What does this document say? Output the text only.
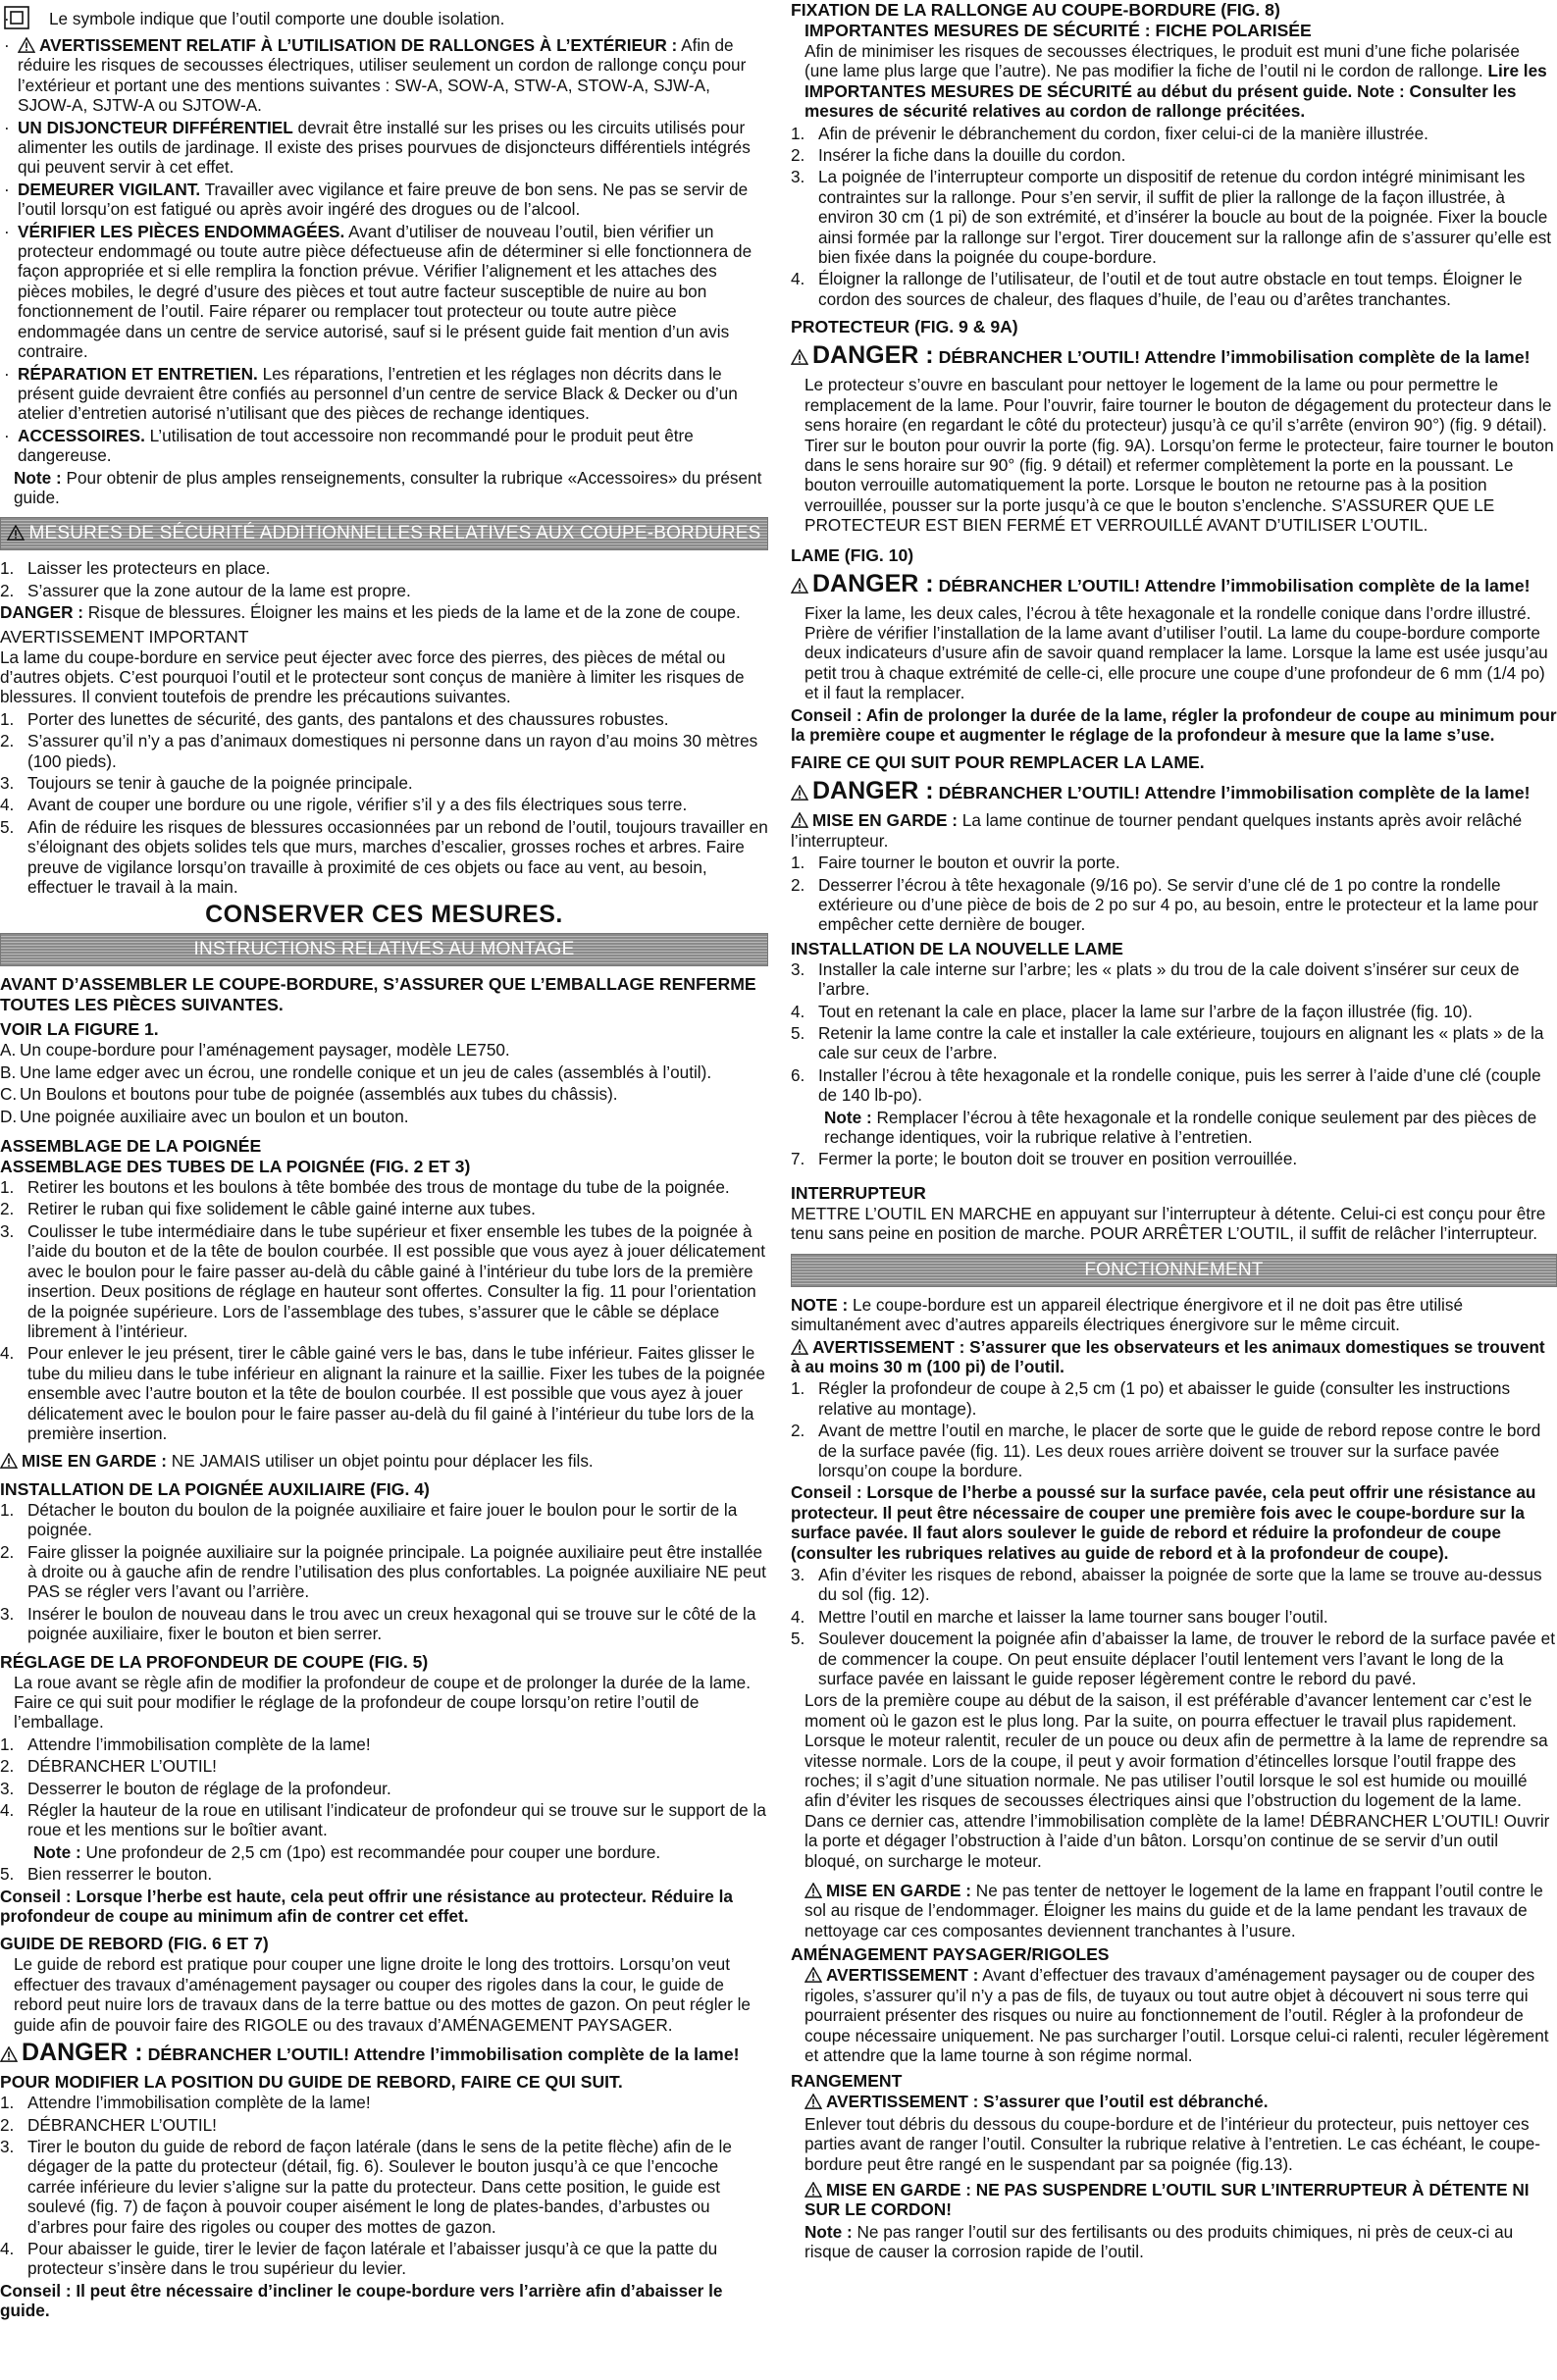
· Le symbole indique que l’outil comporte une double isolation.
· AVERTISSEMENT RELATIF À L’UTILISATION DE RALLONGES À L’EXTÉRIEUR : Afin de réduire les risques de secousses électriques, utiliser seulement un cordon de rallonge conçu pour l’extérieur et portant une des mentions suivantes : SW-A, SOW-A, STW-A, STOW-A, SJW-A, SJOW-A, SJTW-A ou SJTOW-A.
· UN DISJONCTEUR DIFFÉRENTIEL devrait être installé sur les prises ou les circuits utilisés pour alimenter les outils de jardinage. Il existe des prises pourvues de disjoncteurs différentiels intégrés qui peuvent servir à cet effet.
· DEMEURER VIGILANT. Travailler avec vigilance et faire preuve de bon sens. Ne pas se servir de l’outil lorsqu’on est fatigué ou après avoir ingéré des drogues ou de l’alcool.
· VÉRIFIER LES PIÈCES ENDOMMAGÉES. Avant d’utiliser de nouveau l’outil, bien vérifier un protecteur endommagé ou toute autre pièce défectueuse afin de déterminer si elle fonctionnera de façon appropriée et si elle remplira la fonction prévue. Vérifier l’alignement et les attaches des pièces mobiles, le degré d’usure des pièces et tout autre facteur susceptible de nuire au bon fonctionnement de l’outil. Faire réparer ou remplacer tout protecteur ou toute autre pièce endommagée dans un centre de service autorisé, sauf si le présent guide fait mention d’un avis contraire.
· RÉPARATION ET ENTRETIEN. Les réparations, l’entretien et les réglages non décrits dans le présent guide devraient être confiés au personnel d’un centre de service Black & Decker ou d’un atelier d’entretien autorisé n’utilisant que des pièces de rechange identiques.
· ACCESSOIRES. L’utilisation de tout accessoire non recommandé pour le produit peut être dangereuse.
Note : Pour obtenir de plus amples renseignements, consulter la rubrique «Accessoires» du présent guide.
MESURES DE SÉCURITÉ ADDITIONNELLES RELATIVES AUX COUPE-BORDURES
1. Laisser les protecteurs en place.
2. S’assurer que la zone autour de la lame est propre.
DANGER : Risque de blessures. Éloigner les mains et les pieds de la lame et de la zone de coupe.
AVERTISSEMENT IMPORTANT
La lame du coupe-bordure en service peut éjecter avec force des pierres, des pièces de métal ou d’autres objets. C’est pourquoi l’outil et le protecteur sont conçus de manière à limiter les risques de blessures. Il convient toutefois de prendre les précautions suivantes.
1. Porter des lunettes de sécurité, des gants, des pantalons et des chaussures robustes.
2. S’assurer qu’il n’y a pas d’animaux domestiques ni personne dans un rayon d’au moins 30 mètres (100 pieds).
3. Toujours se tenir à gauche de la poignée principale.
4. Avant de couper une bordure ou une rigole, vérifier s’il y a des fils électriques sous terre.
5. Afin de réduire les risques de blessures occasionnées par un rebond de l’outil, toujours travailler en s’éloignant des objets solides tels que murs, marches d’escalier, grosses roches et arbres. Faire preuve de vigilance lorsqu’on travaille à proximité de ces objets ou face au vent, au besoin, effectuer le travail à la main.
CONSERVER CES MESURES.
INSTRUCTIONS RELATIVES AU MONTAGE
AVANT D’ASSEMBLER LE COUPE-BORDURE, S’ASSURER QUE L’EMBALLAGE RENFERME TOUTES LES PIÈCES SUIVANTES.
VOIR LA FIGURE 1.
A. Un coupe-bordure pour l’aménagement paysager, modèle LE750.
B. Une lame edger avec un écrou, une rondelle conique et un jeu de cales (assemblés à l’outil).
C. Un Boulons et boutons pour tube de poignée (assemblés aux tubes du châssis).
D. Une poignée auxiliaire avec un boulon et un bouton.
ASSEMBLAGE DE LA POIGNÉE
ASSEMBLAGE DES TUBES DE LA POIGNÉE (FIG. 2 ET 3)
1. Retirer les boutons et les boulons à tête bombée des trous de montage du tube de la poignée.
2. Retirer le ruban qui fixe solidement le câble gainé interne aux tubes.
3. Coulisser le tube intermédiaire dans le tube supérieur et fixer ensemble les tubes de la poignée à l’aide du bouton et de la tête de boulon courbée. Il est possible que vous ayez à jouer délicatement avec le boulon pour le faire passer au-delà du câble gainé à l’intérieur du tube lors de la première insertion. Deux positions de réglage en hauteur sont offertes. Consulter la fig. 11 pour l’orientation de la poignée supérieure. Lors de l’assemblage des tubes, s’assurer que le câble se déplace librement à l’intérieur.
4. Pour enlever le jeu présent, tirer le câble gainé vers le bas, dans le tube inférieur. Faites glisser le tube du milieu dans le tube inférieur en alignant la rainure et la saillie. Fixer les tubes de la poignée ensemble avec l’autre bouton et la tête de boulon courbée. Il est possible que vous ayez à jouer délicatement avec le boulon pour le faire passer au-delà du fil gainé à l’intérieur du tube lors de la première insertion.
MISE EN GARDE : NE JAMAIS utiliser un objet pointu pour déplacer les fils.
INSTALLATION DE LA POIGNÉE AUXILIAIRE (FIG. 4)
1. Détacher le bouton du boulon de la poignée auxiliaire et faire jouer le boulon pour le sortir de la poignée.
2. Faire glisser la poignée auxiliaire sur la poignée principale. La poignée auxiliaire peut être installée à droite ou à gauche afin de rendre l’utilisation des plus confortables. La poignée auxiliaire NE peut PAS se régler vers l’avant ou l’arrière.
3. Insérer le boulon de nouveau dans le trou avec un creux hexagonal qui se trouve sur le côté de la poignée auxiliaire, fixer le bouton et bien serrer.
RÉGLAGE DE LA PROFONDEUR DE COUPE (FIG. 5)
La roue avant se règle afin de modifier la profondeur de coupe et de prolonger la durée de la lame. Faire ce qui suit pour modifier le réglage de la profondeur de coupe lorsqu’on retire l’outil de l’emballage.
1. Attendre l’immobilisation complète de la lame!
2. DÉBRANCHER L’OUTIL!
3. Desserrer le bouton de réglage de la profondeur.
4. Régler la hauteur de la roue en utilisant l’indicateur de profondeur qui se trouve sur le support de la roue et les mentions sur le boîtier avant.
Note : Une profondeur de 2,5 cm (1po) est recommandée pour couper une bordure.
5. Bien resserrer le bouton.
Conseil : Lorsque l’herbe est haute, cela peut offrir une résistance au protecteur. Réduire la profondeur de coupe au minimum afin de contrer cet effet.
GUIDE DE REBORD (FIG. 6 ET 7)
Le guide de rebord est pratique pour couper une ligne droite le long des trottoirs. Lorsqu’on veut effectuer des travaux d’aménagement paysager ou couper des rigoles dans la cour, le guide de rebord peut nuire lors de travaux dans de la terre battue ou des mottes de gazon. On peut régler le guide afin de pouvoir faire des RIGOLE ou des travaux d’AMÉNAGEMENT PAYSAGER.
DANGER : DÉBRANCHER L’OUTIL! Attendre l’immobilisation complète de la lame!
POUR MODIFIER LA POSITION DU GUIDE DE REBORD, FAIRE CE QUI SUIT.
1. Attendre l’immobilisation complète de la lame!
2. DÉBRANCHER L’OUTIL!
3. Tirer le bouton du guide de rebord de façon latérale (dans le sens de la petite flèche) afin de le dégager de la patte du protecteur (détail, fig. 6). Soulever le bouton jusqu’à ce que l’encoche carrée inférieure du levier s’aligne sur la patte du protecteur. Dans cette position, le guide est soulevé (fig. 7) de façon à pouvoir couper aisément le long de plates-bandes, d’arbustes ou d’arbres pour faire des rigoles ou couper des mottes de gazon.
4. Pour abaisser le guide, tirer le levier de façon latérale et l’abaisser jusqu’à ce que la patte du protecteur s’insère dans le trou supérieur du levier.
Conseil : Il peut être nécessaire d’incliner le coupe-bordure vers l’arrière afin d’abaisser le guide.
FIXATION DE LA RALLONGE AU COUPE-BORDURE (FIG. 8)
IMPORTANTES MESURES DE SÉCURITÉ : FICHE POLARISÉE
Afin de minimiser les risques de secousses électriques, le produit est muni d’une fiche polarisée (une lame plus large que l’autre). Ne pas modifier la fiche de l’outil ni le cordon de rallonge. Lire les IMPORTANTES MESURES DE SÉCURITÉ au début du présent guide. Note : Consulter les mesures de sécurité relatives au cordon de rallonge précitées.
1. Afin de prévenir le débranchement du cordon, fixer celui-ci de la manière illustrée.
2. Insérer la fiche dans la douille du cordon.
3. La poignée de l’interrupteur comporte un dispositif de retenue du cordon intégré minimisant les contraintes sur la rallonge. Pour s’en servir, il suffit de plier la rallonge de la façon illustrée, à environ 30 cm (1 pi) de son extrémité, et d’insérer la boucle au bout de la poignée. Fixer la boucle ainsi formée par la rallonge sur l’ergot. Tirer doucement sur la rallonge afin de s’assurer qu’elle est bien fixée dans la poignée du coupe-bordure.
4. Éloigner la rallonge de l’utilisateur, de l’outil et de tout autre obstacle en tout temps. Éloigner le cordon des sources de chaleur, des flaques d’huile, de l’eau ou d’arêtes tranchantes.
PROTECTEUR (FIG. 9 & 9A)
DANGER : DÉBRANCHER L’OUTIL! Attendre l’immobilisation complète de la lame!
Le protecteur s’ouvre en basculant pour nettoyer le logement de la lame ou pour permettre le remplacement de la lame. Pour l’ouvrir, faire tourner le bouton de dégagement du protecteur dans le sens horaire (en regardant le côté du protecteur) jusqu’à ce qu’il s’arrête (environ 90°) (fig. 9 détail). Tirer sur le bouton pour ouvrir la porte (fig. 9A). Lorsqu’on ferme le protecteur, faire tourner le bouton dans le sens horaire sur 90° (fig. 9 détail) et refermer complètement la porte en la poussant. Le bouton verrouille automatiquement la porte. Lorsque le bouton ne retourne pas à la position verrouillée, pousser sur la porte jusqu’à ce que le bouton s’enclenche. S’ASSURER QUE LE PROTECTEUR EST BIEN FERMÉ ET VERROUILLÉ AVANT D’UTILISER L’OUTIL.
LAME (FIG. 10)
DANGER : DÉBRANCHER L’OUTIL! Attendre l’immobilisation complète de la lame!
Fixer la lame, les deux cales, l’écrou à tête hexagonale et la rondelle conique dans l’ordre illustré. Prière de vérifier l’installation de la lame avant d’utiliser l’outil. La lame du coupe-bordure comporte deux indicateurs d’usure afin de savoir quand remplacer la lame. Lorsque la lame est usée jusqu’au petit trou à chaque extrémité de celle-ci, elle procure une coupe d’une profondeur de 6 mm (1/4 po) et il faut la remplacer.
Conseil : Afin de prolonger la durée de la lame, régler la profondeur de coupe au minimum pour la première coupe et augmenter le réglage de la profondeur à mesure que la lame s’use.
FAIRE CE QUI SUIT POUR REMPLACER LA LAME.
DANGER : DÉBRANCHER L’OUTIL! Attendre l’immobilisation complète de la lame!
MISE EN GARDE : La lame continue de tourner pendant quelques instants après avoir relâché l’interrupteur.
1. Faire tourner le bouton et ouvrir la porte.
2. Desserrer l’écrou à tête hexagonale (9/16 po). Se servir d’une clé de 1 po contre la rondelle extérieure ou d’une pièce de bois de 2 po sur 4 po, au besoin, entre le protecteur et la lame pour empêcher cette dernière de bouger.
INSTALLATION DE LA NOUVELLE LAME
3. Installer la cale interne sur l’arbre; les « plats » du trou de la cale doivent s’insérer sur ceux de l’arbre.
4. Tout en retenant la cale en place, placer la lame sur l’arbre de la façon illustrée (fig. 10).
5. Retenir la lame contre la cale et installer la cale extérieure, toujours en alignant les « plats » de la cale sur ceux de l’arbre.
6. Installer l’écrou à tête hexagonale et la rondelle conique, puis les serrer à l’aide d’une clé (couple de 140 lb-po).
Note : Remplacer l’écrou à tête hexagonale et la rondelle conique seulement par des pièces de rechange identiques, voir la rubrique relative à l’entretien.
7. Fermer la porte; le bouton doit se trouver en position verrouillée.
INTERRUPTEUR
METTRE L’OUTIL EN MARCHE en appuyant sur l’interrupteur à détente. Celui-ci est conçu pour être tenu sans peine en position de marche. POUR ARRÊTER L’OUTIL, il suffit de relâcher l’interrupteur.
FONCTIONNEMENT
NOTE : Le coupe-bordure est un appareil électrique énergivore et il ne doit pas être utilisé simultanément avec d’autres appareils électriques énergivore sur le même circuit.
AVERTISSEMENT : S’assurer que les observateurs et les animaux domestiques se trouvent à au moins 30 m (100 pi) de l’outil.
1. Régler la profondeur de coupe à 2,5 cm (1 po) et abaisser le guide (consulter les instructions relative au montage).
2. Avant de mettre l’outil en marche, le placer de sorte que le guide de rebord repose contre le bord de la surface pavée (fig. 11). Les deux roues arrière doivent se trouver sur la surface pavée lorsqu’on coupe la bordure.
Conseil : Lorsque de l’herbe a poussé sur la surface pavée, cela peut offrir une résistance au protecteur. Il peut être nécessaire de couper une première fois avec le coupe-bordure sur la surface pavée. Il faut alors soulever le guide de rebord et réduire la profondeur de coupe (consulter les rubriques relatives au guide de rebord et à la profondeur de coupe).
3. Afin d’éviter les risques de rebond, abaisser la poignée de sorte que la lame se trouve au-dessus du sol (fig. 12).
4. Mettre l’outil en marche et laisser la lame tourner sans bouger l’outil.
5. Soulever doucement la poignée afin d’abaisser la lame, de trouver le rebord de la surface pavée et de commencer la coupe. On peut ensuite déplacer l’outil lentement vers l’avant le long de la surface pavée en laissant le guide reposer légèrement contre le rebord du pavé.
Lors de la première coupe au début de la saison, il est préférable d’avancer lentement car c’est le moment où le gazon est le plus long. Par la suite, on pourra effectuer le travail plus rapidement. Lorsque le moteur ralentit, reculer de un pouce ou deux afin de permettre à la lame de reprendre sa vitesse normale. Lors de la coupe, il peut y avoir formation d’étincelles lorsque l’outil frappe des roches; il s’agit d’une situation normale. Ne pas utiliser l’outil lorsque le sol est humide ou mouillé afin d’éviter les risques de secousses électriques ainsi que l’obstruction du logement de la lame. Dans ce dernier cas, attendre l’immobilisation complète de la lame! DÉBRANCHER L’OUTIL! Ouvrir la porte et dégager l’obstruction à l’aide d’un bâton. Lorsqu’on continue de se servir d’un outil bloqué, on surcharge le moteur.
MISE EN GARDE : Ne pas tenter de nettoyer le logement de la lame en frappant l’outil contre le sol au risque de l’endommager. Éloigner les mains du guide et de la lame pendant les travaux de nettoyage car ces composantes deviennent tranchantes à l’usure.
AMÉNAGEMENT PAYSAGER/RIGOLES
AVERTISSEMENT : Avant d’effectuer des travaux d’aménagement paysager ou de couper des rigoles, s’assurer qu’il n’y a pas de fils, de tuyaux ou tout autre objet à découvert ni sous terre qui pourraient présenter des risques ou nuire au fonctionnement de l’outil. Régler à la profondeur de coupe nécessaire uniquement. Ne pas surcharger l’outil. Lorsque celui-ci ralenti, reculer légèrement et attendre que la lame tourne à son régime normal.
RANGEMENT
AVERTISSEMENT : S’assurer que l’outil est débranché.
Enlever tout débris du dessous du coupe-bordure et de l’intérieur du protecteur, puis nettoyer ces parties avant de ranger l’outil. Consulter la rubrique relative à l’entretien. Le cas échéant, le coupe-bordure peut être rangé en le suspendant par sa poignée (fig.13).
MISE EN GARDE : NE PAS SUSPENDRE L’OUTIL SUR L’INTERRUPTEUR À DÉTENTE NI SUR LE CORDON!
Note : Ne pas ranger l’outil sur des fertilisants ou des produits chimiques, ni près de ceux-ci au risque de causer la corrosion rapide de l’outil.
